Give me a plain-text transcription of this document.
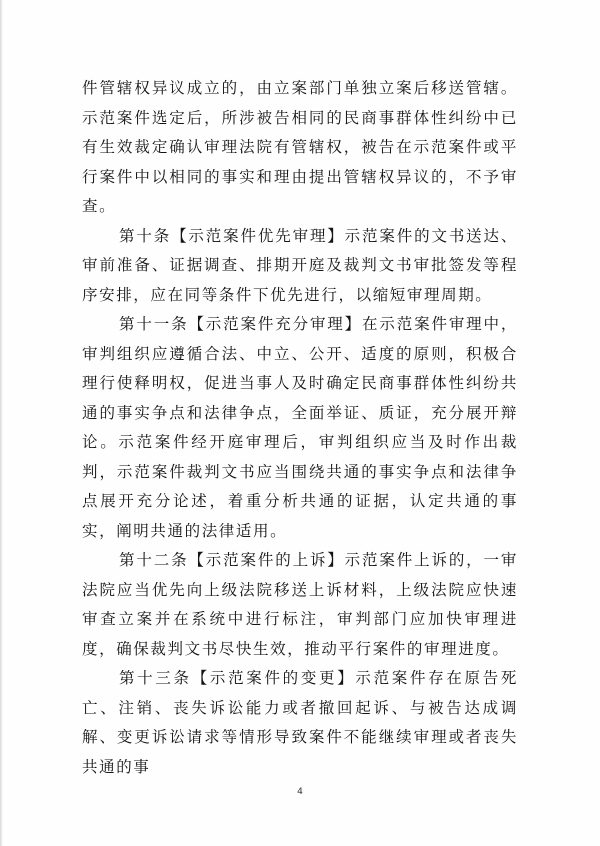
件管辖权异议成立的，由立案部门单独立案后移送管辖。示范案件选定后，所涉被告相同的民商事群体性纠纷中已有生效裁定确认审理法院有管辖权，被告在示范案件或平行案件中以相同的事实和理由提出管辖权异议的，不予审查。

第十条【示范案件优先审理】示范案件的文书送达、审前准备、证据调查、排期开庭及裁判文书审批签发等程序安排，应在同等条件下优先进行，以缩短审理周期。

第十一条【示范案件充分审理】在示范案件审理中，审判组织应遵循合法、中立、公开、适度的原则，积极合理行使释明权，促进当事人及时确定民商事群体性纠纷共通的事实争点和法律争点，全面举证、质证，充分展开辩论。示范案件经开庭审理后，审判组织应当及时作出裁判，示范案件裁判文书应当围绕共通的事实争点和法律争点展开充分论述，着重分析共通的证据，认定共通的事实，阐明共通的法律适用。

第十二条【示范案件的上诉】示范案件上诉的，一审法院应当优先向上级法院移送上诉材料，上级法院应快速审查立案并在系统中进行标注，审判部门应加快审理进度，确保裁判文书尽快生效，推动平行案件的审理进度。

第十三条【示范案件的变更】示范案件存在原告死亡、注销、丧失诉讼能力或者撤回起诉、与被告达成调解、变更诉讼请求等情形导致案件不能继续审理或者丧失共通的事

4
